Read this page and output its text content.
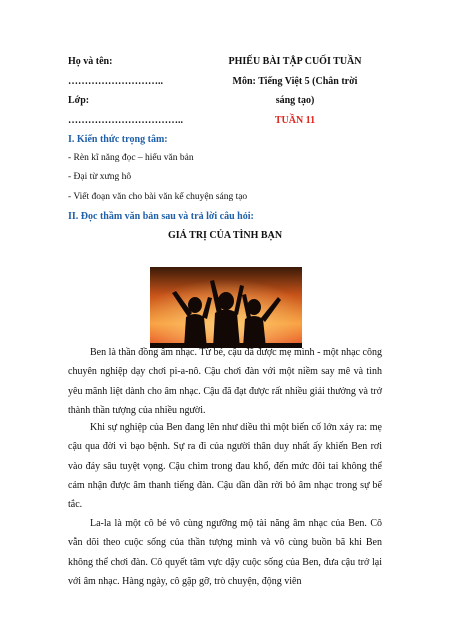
Họ và tên:
………………………..
Lớp:
……………………………..
PHIẾU BÀI TẬP CUỐI TUẦN
Môn: Tiếng Việt 5 (Chân trời
sáng tạo)
TUẦN 11
I. Kiến thức trọng tâm:
- Rèn kĩ năng đọc – hiểu văn bản
- Đại từ xưng hô
- Viết đoạn văn cho bài văn kể chuyện sáng tạo
II. Đọc thầm văn bản sau và trả lời câu hỏi:
GIÁ TRỊ CỦA TÌNH BẠN
Ben là thần đồng âm nhạc. Từ bé, cậu đã được mẹ mình - một nhạc công chuyên nghiệp dạy chơi pi-a-nô. Cậu chơi đàn với một niềm say mê và tình yêu mãnh liệt dành cho âm nhạc. Cậu đã đạt được rất nhiều giải thưởng và trở thành thần tượng của nhiều người.
Khi sự nghiệp của Ben đang lên như diều thì một biến cố lớn xảy ra: mẹ cậu qua đời vì bạo bệnh. Sự ra đi của người thân duy nhất ấy khiến Ben rơi vào đáy sâu tuyệt vọng. Cậu chìm trong đau khổ, đến mức đôi tai không thể cảm nhận được âm thanh tiếng đàn. Cậu dần dần rời bỏ âm nhạc trong sự bế tắc.
La-la là một cô bé vô cùng ngưỡng mộ tài năng âm nhạc của Ben. Cô vẫn dõi theo cuộc sống của thần tượng mình và vô cùng buồn bã khi Ben không thể chơi đàn. Cô quyết tâm vực dậy cuộc sống của Ben, đưa cậu trở lại với âm nhạc. Hàng ngày, cô gặp gỡ, trò chuyện, động viên
